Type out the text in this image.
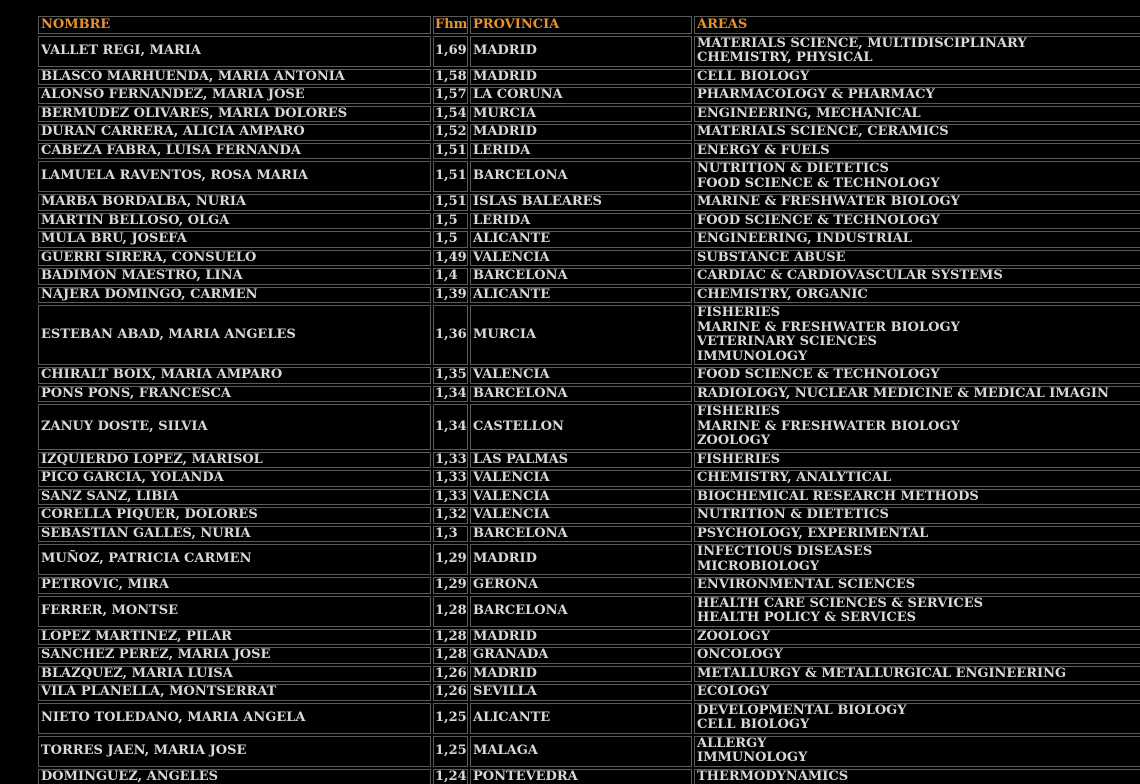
NOMBRE	Fhm	PROVINCIA	ÁREAS
VALLET REGI, MARIA	1,69	MADRID	MATERIALS SCIENCE, MULTIDISCIPLINARY
CHEMISTRY, PHYSICAL

BLASCO MARHUENDA, MARIA ANTONIA	1,58	MADRID	CELL BIOLOGY

ALONSO FERNANDEZ, MARIA JOSE	1,57	LA CORUÑA	PHARMACOLOGY & PHARMACY

BERMUDEZ OLIVARES, MARIA DOLORES	1,54	MURCIA	ENGINEERING, MECHANICAL

DURAN CARRERA, ALICIA AMPARO	1,52	MADRID	MATERIALS SCIENCE, CERAMICS

CABEZA FABRA, LUISA FERNANDA	1,51	LERIDA	ENERGY & FUELS

LAMUELA RAVENTOS, ROSA MARIA	1,51	BARCELONA	NUTRITION & DIETETICS
FOOD SCIENCE & TECHNOLOGY

MARBA BORDALBA, NURIA	1,51	ISLAS BALEARES	MARINE & FRESHWATER BIOLOGY

MARTIN BELLOSO, OLGA	1,5	LERIDA	FOOD SCIENCE & TECHNOLOGY

MULA BRU, JOSEFA	1,5	ALICANTE	ENGINEERING, INDUSTRIAL

GUERRI SIRERA, CONSUELO	1,49	VALENCIA	SUBSTANCE ABUSE

BADIMON MAESTRO, LINA	1,4	BARCELONA	CARDIAC & CARDIOVASCULAR SYSTEMS

NAJERA DOMINGO, CARMEN	1,39	ALICANTE	CHEMISTRY, ORGANIC

ESTEBAN ABAD, MARIA ANGELES	1,36	MURCIA	FISHERIES
MARINE & FRESHWATER BIOLOGY
VETERINARY SCIENCES
IMMUNOLOGY

CHIRALT BOIX, MARIA AMPARO	1,35	VALENCIA	FOOD SCIENCE & TECHNOLOGY

PONS PONS, FRANCESCA	1,34	BARCELONA	RADIOLOGY, NUCLEAR MEDICINE & MEDICAL IMAGIN

ZANUY DOSTE, SILVIA	1,34	CASTELLON	FISHERIES
MARINE & FRESHWATER BIOLOGY
ZOOLOGY

IZQUIERDO LOPEZ, MARISOL	1,33	LAS PALMAS	FISHERIES

PICO GARCIA, YOLANDA	1,33	VALENCIA	CHEMISTRY, ANALYTICAL

SANZ SANZ, LIBIA	1,33	VALENCIA	BIOCHEMICAL RESEARCH METHODS

CORELLA PIQUER, DOLORES	1,32	VALENCIA	NUTRITION & DIETETICS

SEBASTIAN GALLES, NURIA	1,3	BARCELONA	PSYCHOLOGY, EXPERIMENTAL

MUÑOZ, PATRICIA CARMEN	1,29	MADRID	INFECTIOUS DISEASES
MICROBIOLOGY

PETROVIC, MIRA	1,29	GERONA	ENVIRONMENTAL SCIENCES

FERRER, MONTSE	1,28	BARCELONA	HEALTH CARE SCIENCES & SERVICES
HEALTH POLICY & SERVICES

LOPEZ MARTINEZ, PILAR	1,28	MADRID	ZOOLOGY

SANCHEZ PEREZ, MARIA JOSE	1,28	GRANADA	ONCOLOGY

BLAZQUEZ, MARIA LUISA	1,26	MADRID	METALLURGY & METALLURGICAL ENGINEERING

VILA PLANELLA, MONTSERRAT	1,26	SEVILLA	ECOLOGY

NIETO TOLEDANO, MARIA ANGELA	1,25	ALICANTE	DEVELOPMENTAL BIOLOGY
CELL BIOLOGY

TORRES JAEN, MARIA JOSE	1,25	MALAGA	ALLERGY
IMMUNOLOGY

DOMINGUEZ, ANGELES	1,24	PONTEVEDRA	THERMODYNAMICS
